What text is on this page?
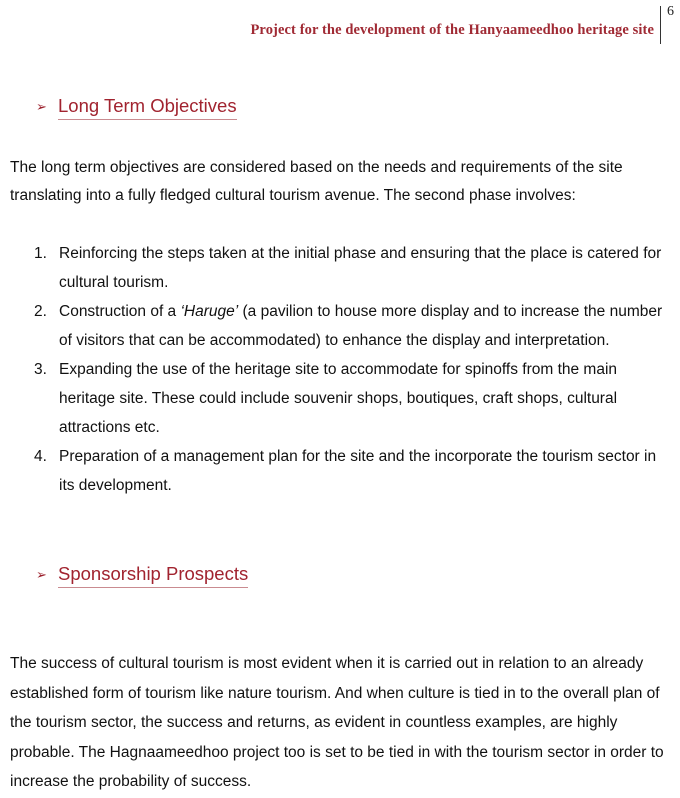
Project for the development of the Hanyaameedhoo heritage site
6
➢ Long Term Objectives

The long term objectives are considered based on the needs and requirements of the site translating into a fully fledged cultural tourism avenue. The second phase involves:

1. Reinforcing the steps taken at the initial phase and ensuring that the place is catered for cultural tourism.
2. Construction of a ‘Haruge’ (a pavilion to house more display and to increase the number of visitors that can be accommodated) to enhance the display and interpretation.
3. Expanding the use of the heritage site to accommodate for spinoffs from the main heritage site. These could include souvenir shops, boutiques, craft shops, cultural attractions etc.
4. Preparation of a management plan for the site and the incorporate the tourism sector in its development.
➢ Sponsorship Prospects

The success of cultural tourism is most evident when it is carried out in relation to an already established form of tourism like nature tourism. And when culture is tied in to the overall plan of the tourism sector, the success and returns, as evident in countless examples, are highly probable. The Hagnaameedhoo project too is set to be tied in with the tourism sector in order to increase the probability of success.
